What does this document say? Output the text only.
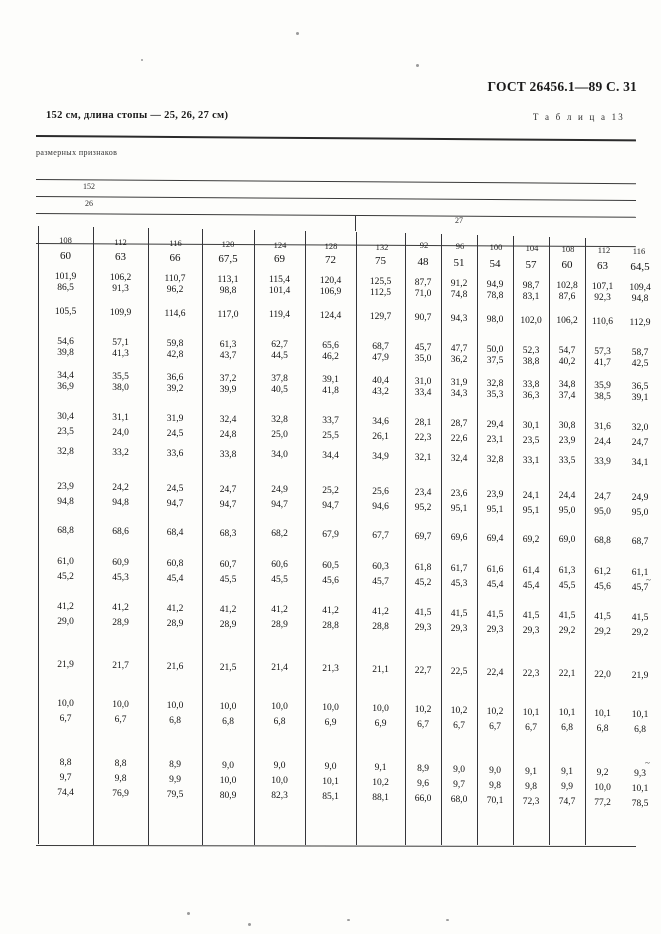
ГОСТ 26456.1—89 С. 31
152 см, длина стопы — 25, 26, 27 см)	Т а б л и ц а 13
размерных признаков
152
26
27
108	112	116	120	124	128	132	92	96	100	104	108	112	116
60	63	66	67,5	69	72	75	48	51	54	57	60	63	64,5
101,9	106,2	110,7	113,1	115,4	120,4	125,5	87,7	91,2	94,9	98,7	102,8	107,1	109,4
86,5	91,3	96,2	98,8	101,4	106,9	112,5	71,0	74,8	78,8	83,1	87,6	92,3	94,8
105,5	109,9	114,6	117,0	119,4	124,4	129,7	90,7	94,3	98,0	102,0	106,2	110,6	112,9
54,6	57,1	59,8	61,3	62,7	65,6	68,7	45,7	47,7	50,0	52,3	54,7	57,3	58,7
39,8	41,3	42,8	43,7	44,5	46,2	47,9	35,0	36,2	37,5	38,8	40,2	41,7	42,5
34,4	35,5	36,6	37,2	37,8	39,1	40,4	31,0	31,9	32,8	33,8	34,8	35,9	36,5
36,9	38,0	39,2	39,9	40,5	41,8	43,2	33,4	34,3	35,3	36,3	37,4	38,5	39,1
30,4	31,1	31,9	32,4	32,8	33,7	34,6	28,1	28,7	29,4	30,1	30,8	31,6	32,0
23,5	24,0	24,5	24,8	25,0	25,5	26,1	22,3	22,6	23,1	23,5	23,9	24,4	24,7
32,8	33,2	33,6	33,8	34,0	34,4	34,9	32,1	32,4	32,8	33,1	33,5	33,9	34,1
23,9	24,2	24,5	24,7	24,9	25,2	25,6	23,4	23,6	23,9	24,1	24,4	24,7	24,9
94,8	94,8	94,7	94,7	94,7	94,7	94,6	95,2	95,1	95,1	95,1	95,0	95,0	95,0
68,8	68,6	68,4	68,3	68,2	67,9	67,7	69,7	69,6	69,4	69,2	69,0	68,8	68,7
61,0	60,9	60,8	60,7	60,6	60,5	60,3	61,8	61,7	61,6	61,4	61,3	61,2	61,1
45,2	45,3	45,4	45,5	45,5	45,6	45,7	45,2	45,3	45,4	45,4	45,5	45,6	45,7
41,2	41,2	41,2	41,2	41,2	41,2	41,2	41,5	41,5	41,5	41,5	41,5	41,5	41,5
29,0	28,9	28,9	28,9	28,9	28,8	28,8	29,3	29,3	29,3	29,3	29,2	29,2	29,2
21,9	21,7	21,6	21,5	21,4	21,3	21,1	22,7	22,5	22,4	22,3	22,1	22,0	21,9
10,0	10,0	10,0	10,0	10,0	10,0	10,0	10,2	10,2	10,2	10,1	10,1	10,1	10,1
6,7	6,7	6,8	6,8	6,8	6,9	6,9	6,7	6,7	6,7	6,7	6,8	6,8	6,8
8,8	8,8	8,9	9,0	9,0	9,0	9,1	8,9	9,0	9,0	9,1	9,1	9,2	9,3
9,7	9,8	9,9	10,0	10,0	10,1	10,2	9,6	9,7	9,8	9,8	9,9	10,0	10,1
74,4	76,9	79,5	80,9	82,3	85,1	88,1	66,0	68,0	70,1	72,3	74,7	77,2	78,5
~
~
